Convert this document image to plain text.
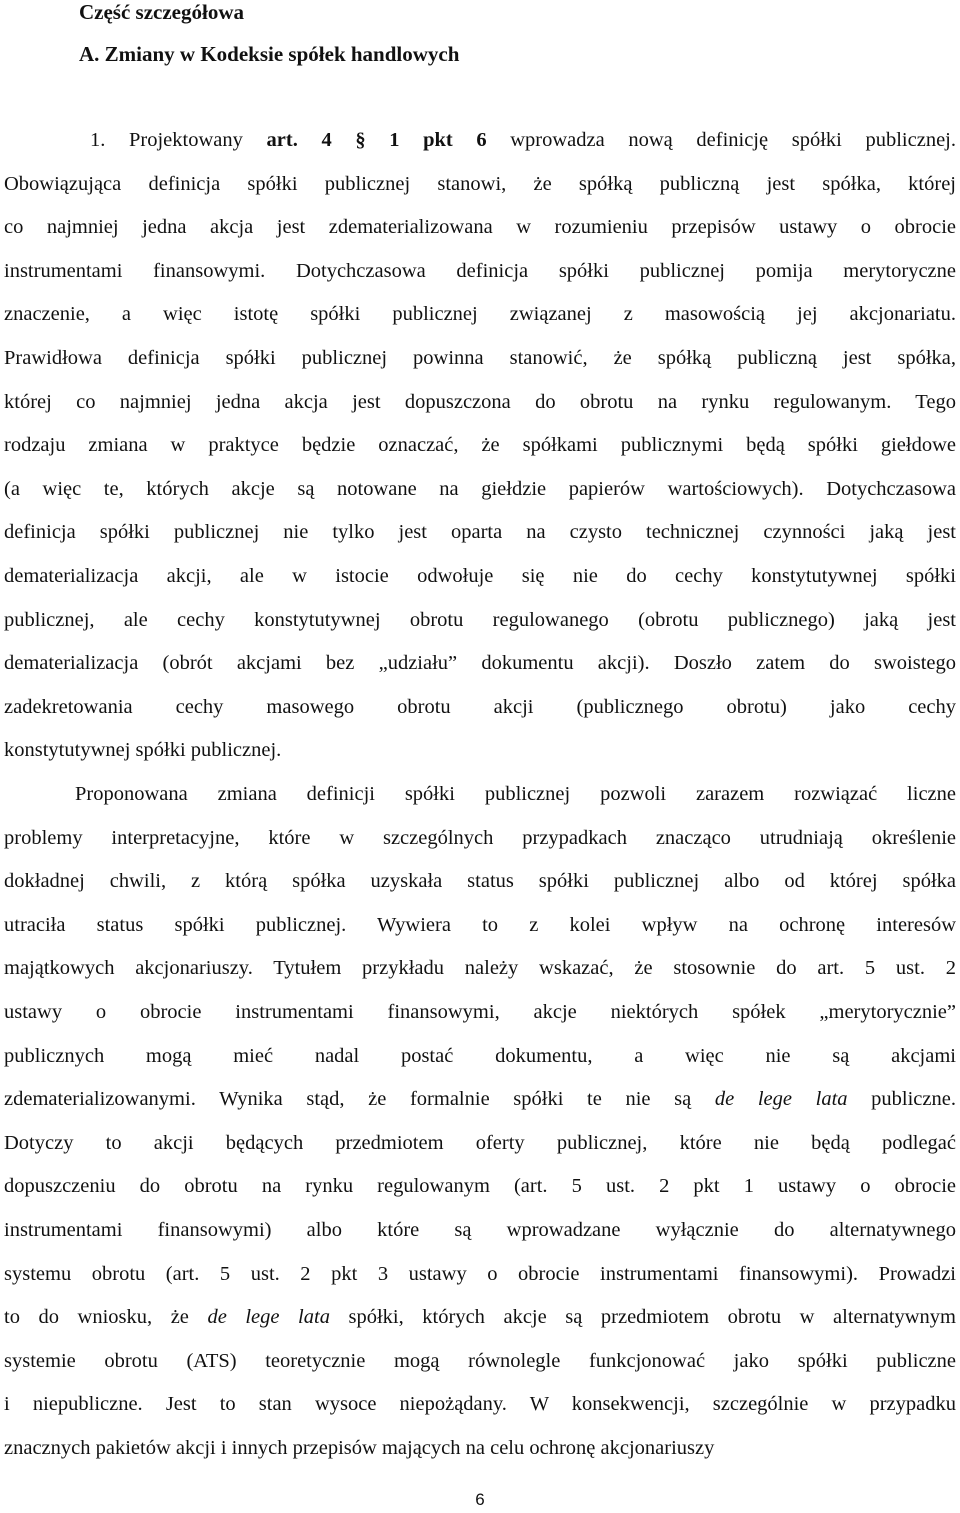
Część szczegółowa
A. Zmiany w Kodeksie spółek handlowych
1. Projektowany art. 4 § 1 pkt 6 wprowadza nową definicję spółki publicznej.
Obowiązująca definicja spółki publicznej stanowi, że spółką publiczną jest spółka, której
co najmniej jedna akcja jest zdematerializowana w rozumieniu przepisów ustawy o obrocie
instrumentami finansowymi. Dotychczasowa definicja spółki publicznej pomija merytoryczne
znaczenie, a więc istotę spółki publicznej związanej z masowością jej akcjonariatu.
Prawidłowa definicja spółki publicznej powinna stanowić, że spółką publiczną jest spółka,
której co najmniej jedna akcja jest dopuszczona do obrotu na rynku regulowanym. Tego
rodzaju zmiana w praktyce będzie oznaczać, że spółkami publicznymi będą spółki giełdowe
(a więc te, których akcje są notowane na giełdzie papierów wartościowych). Dotychczasowa
definicja spółki publicznej nie tylko jest oparta na czysto technicznej czynności jaką jest
dematerializacja akcji, ale w istocie odwołuje się nie do cechy konstytutywnej spółki
publicznej, ale cechy konstytutywnej obrotu regulowanego (obrotu publicznego) jaką jest
dematerializacja (obrót akcjami bez „udziału” dokumentu akcji). Doszło zatem do swoistego
zadekretowania cechy masowego obrotu akcji (publicznego obrotu) jako cechy
konstytutywnej spółki publicznej.
Proponowana zmiana definicji spółki publicznej pozwoli zarazem rozwiązać liczne
problemy interpretacyjne, które w szczególnych przypadkach znacząco utrudniają określenie
dokładnej chwili, z którą spółka uzyskała status spółki publicznej albo od której spółka
utraciła status spółki publicznej. Wywiera to z kolei wpływ na ochronę interesów
majątkowych akcjonariuszy. Tytułem przykładu należy wskazać, że stosownie do art. 5 ust. 2
ustawy o obrocie instrumentami finansowymi, akcje niektórych spółek „merytorycznie”
publicznych mogą mieć nadal postać dokumentu, a więc nie są akcjami
zdematerializowanymi. Wynika stąd, że formalnie spółki te nie są de lege lata publiczne.
Dotyczy to akcji będących przedmiotem oferty publicznej, które nie będą podlegać
dopuszczeniu do obrotu na rynku regulowanym (art. 5 ust. 2 pkt 1 ustawy o obrocie
instrumentami finansowymi) albo które są wprowadzane wyłącznie do alternatywnego
systemu obrotu (art. 5 ust. 2 pkt 3 ustawy o obrocie instrumentami finansowymi). Prowadzi
to do wniosku, że de lege lata spółki, których akcje są przedmiotem obrotu w alternatywnym
systemie obrotu (ATS) teoretycznie mogą równolegle funkcjonować jako spółki publiczne
i niepubliczne. Jest to stan wysoce niepożądany. W konsekwencji, szczególnie w przypadku
znacznych pakietów akcji i innych przepisów mających na celu ochronę akcjonariuszy
6
